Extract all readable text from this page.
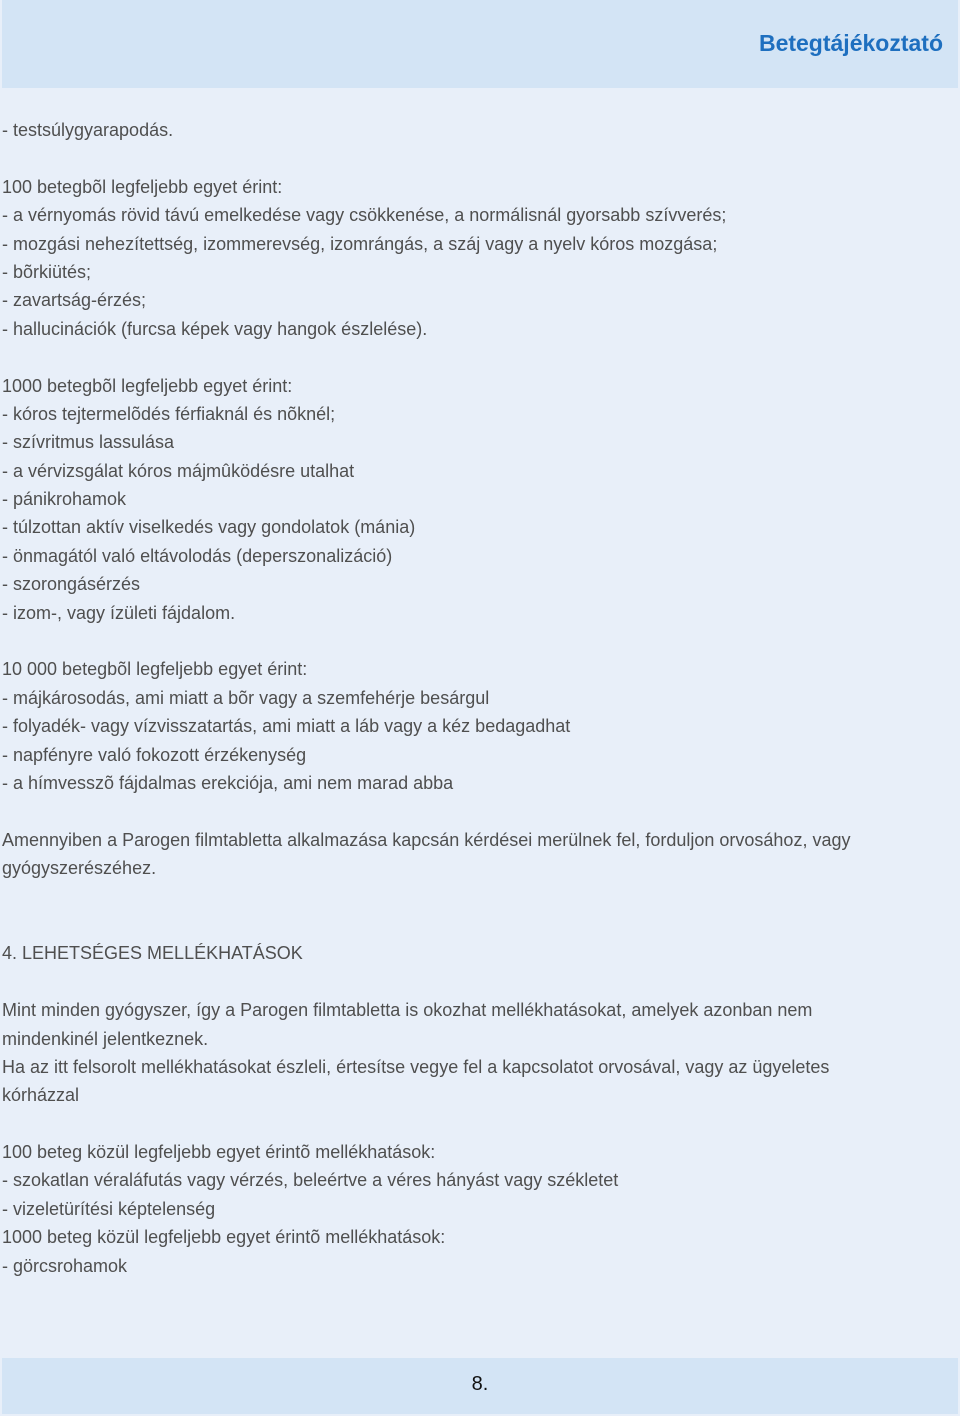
Betegtájékoztató
- testsúlygyarapodás.
100 betegbõl legfeljebb egyet érint:
- a vérnyomás rövid távú emelkedése vagy csökkenése, a normálisnál gyorsabb szívverés;
- mozgási nehezítettség, izommerevség, izomrángás, a száj vagy a nyelv kóros mozgása;
- bõrkiütés;
- zavartság-érzés;
- hallucinációk (furcsa képek vagy hangok észlelése).
1000 betegbõl legfeljebb egyet érint:
- kóros tejtermelõdés férfiaknál és nõknél;
- szívritmus lassulása
- a vérvizsgálat kóros májmûködésre utalhat
- pánikrohamok
- túlzottan aktív viselkedés vagy gondolatok (mánia)
- önmagától való eltávolodás (deperszonalizáció)
- szorongásérzés
- izom-, vagy ízületi fájdalom.
10 000 betegbõl legfeljebb egyet érint:
- májkárosodás, ami miatt a bõr vagy a szemfehérje besárgul
- folyadék- vagy vízvisszatartás, ami miatt a láb vagy a kéz bedagadhat
- napfényre való fokozott érzékenység
- a hímvesszõ fájdalmas erekciója, ami nem marad abba
Amennyiben a Parogen filmtabletta alkalmazása kapcsán kérdései merülnek fel, forduljon orvosához, vagy
gyógyszerészéhez.
4. LEHETSÉGES MELLÉKHATÁSOK
Mint minden gyógyszer, így a Parogen filmtabletta is okozhat mellékhatásokat, amelyek azonban nem
mindenkinél jelentkeznek.
Ha az itt felsorolt mellékhatásokat észleli, értesítse vegye fel a kapcsolatot orvosával, vagy az ügyeletes
kórházzal
100 beteg közül legfeljebb egyet érintõ mellékhatások:
- szokatlan véraláfutás vagy vérzés, beleértve a véres hányást vagy székletet
- vizeletürítési képtelenség
1000 beteg közül legfeljebb egyet érintõ mellékhatások:
- görcsrohamok
8.
